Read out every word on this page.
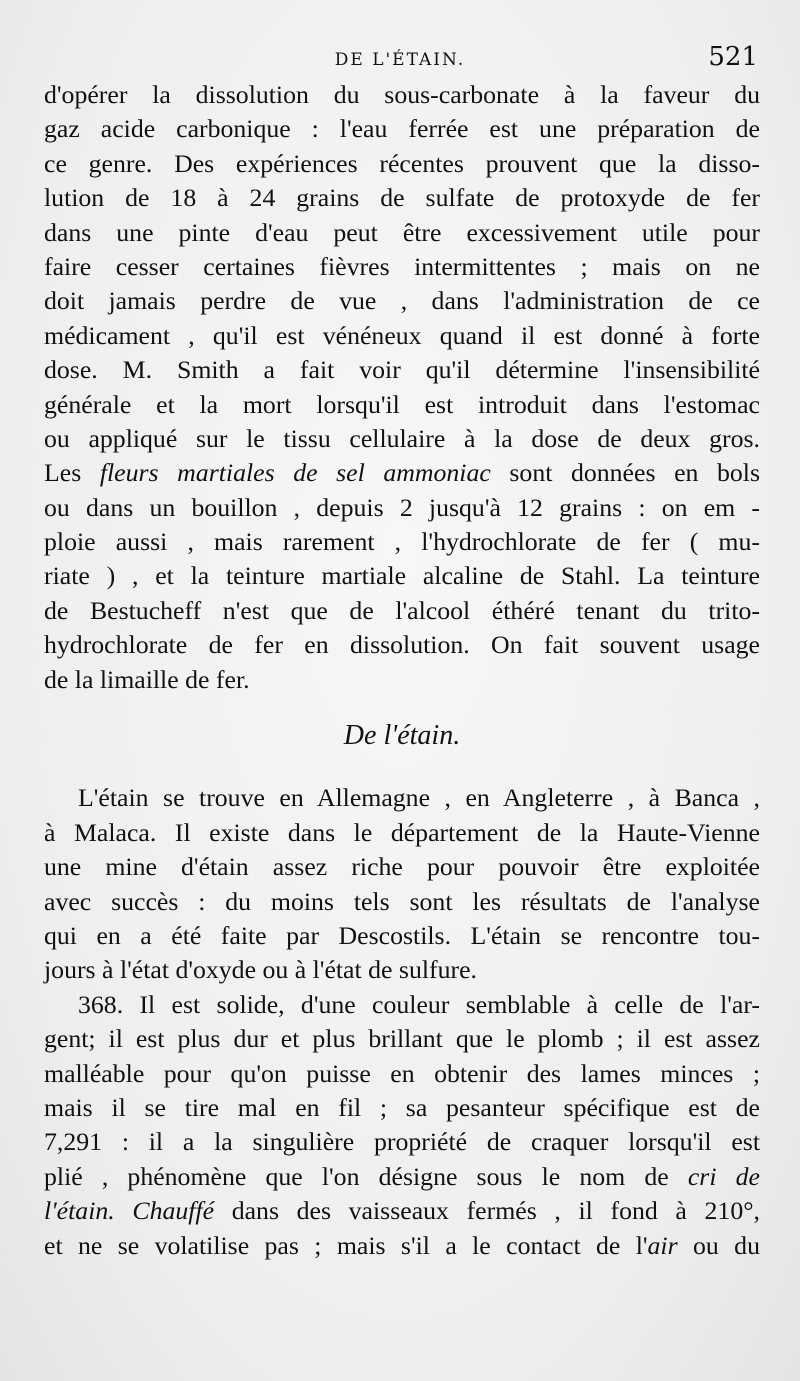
DE L'ÉTAIN.	521
d'opérer la dissolution du sous-carbonate à la faveur du
gaz acide carbonique : l'eau ferrée est une préparation de
ce genre. Des expériences récentes prouvent que la disso-
lution de 18 à 24 grains de sulfate de protoxyde de fer
dans une pinte d'eau peut être excessivement utile pour
faire cesser certaines fièvres intermittentes ; mais on ne
doit jamais perdre de vue , dans l'administration de ce
médicament , qu'il est vénéneux quand il est donné à forte
dose. M. Smith a fait voir qu'il détermine l'insensibilité
générale et la mort lorsqu'il est introduit dans l'estomac
ou appliqué sur le tissu cellulaire à la dose de deux gros.
Les fleurs martiales de sel ammoniac sont données en bols
ou dans un bouillon , depuis 2 jusqu'à 12 grains : on em -
ploie aussi , mais rarement , l'hydrochlorate de fer ( mu-
riate ) , et la teinture martiale alcaline de Stahl. La teinture
de Bestucheff n'est que de l'alcool éthéré tenant du trito-
hydrochlorate de fer en dissolution. On fait souvent usage
de la limaille de fer.
De l'étain.
L'étain se trouve en Allemagne , en Angleterre , à Banca ,
à Malaca. Il existe dans le département de la Haute-Vienne
une mine d'étain assez riche pour pouvoir être exploitée
avec succès : du moins tels sont les résultats de l'analyse
qui en a été faite par Descostils. L'étain se rencontre tou-
jours à l'état d'oxyde ou à l'état de sulfure.
368. Il est solide, d'une couleur semblable à celle de l'ar-
gent; il est plus dur et plus brillant que le plomb ; il est assez
malléable pour qu'on puisse en obtenir des lames minces ;
mais il se tire mal en fil ; sa pesanteur spécifique est de
7,291 : il a la singulière propriété de craquer lorsqu'il est
plié , phénomène que l'on désigne sous le nom de cri de
l'étain. Chauffé dans des vaisseaux fermés , il fond à 210°,
et ne se volatilise pas ; mais s'il a le contact de l'air ou du
